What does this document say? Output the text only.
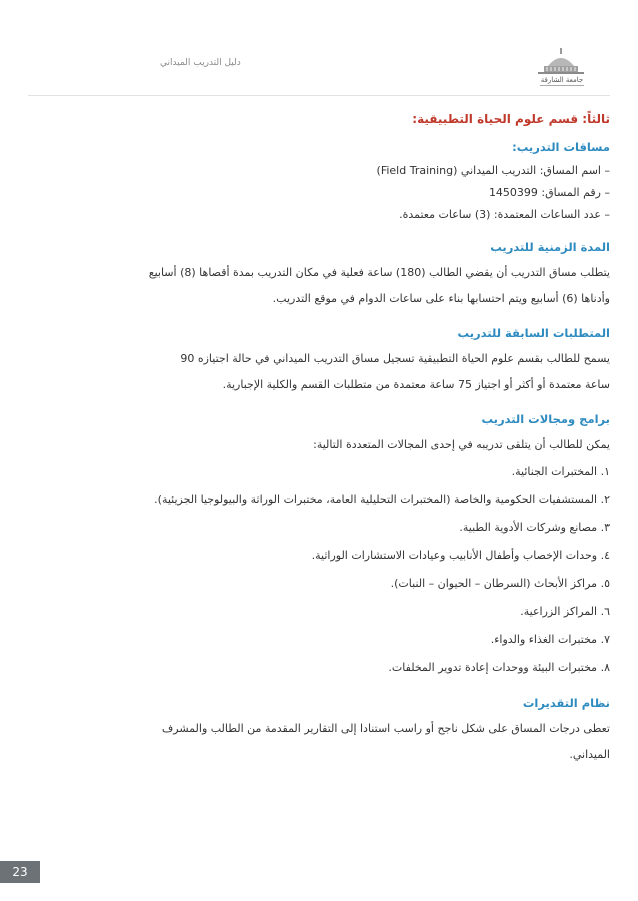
دليل التدريب الميداني
جامعة الشارقة

ثالثاً: قسم علوم الحياة التطبيقية:

مساقات التدريب:

– اسم المساق: التدريب الميداني (Field Training)

– رقم المساق: 1450399

– عدد الساعات المعتمدة: (3) ساعات معتمدة.

المدة الزمنية للتدريب

يتطلب مساق التدريب أن يقضي الطالب (180) ساعة فعلية في مكان التدريب بمدة أقصاها (8) أسابيع

وأدناها (6) أسابيع ويتم احتسابها بناء على ساعات الدوام في موقع التدريب.

المتطلبات السابقة للتدريب

يسمح للطالب بقسم علوم الحياة التطبيقية تسجيل مساق التدريب الميداني في حالة اجتيازه 90

ساعة معتمدة أو أكثر أو اجتياز 75 ساعة معتمدة من متطلبات القسم والكلية الإجبارية.

برامج ومجالات التدريب

يمكن للطالب أن يتلقى تدريبه في إحدى المجالات المتعددة التالية:

١. المختبرات الجنائية.

٢. المستشفيات الحكومية والخاصة (المختبرات التحليلية العامة، مختبرات الوراثة والبيولوجيا الجزيئية).

٣. مصانع وشركات الأدوية الطبية.

٤. وحدات الإخصاب وأطفال الأنابيب وعيادات الاستشارات الوراثية.

٥. مراكز الأبحاث (السرطان – الحيوان – النبات).

٦. المراكز الزراعية.

٧. مختبرات الغذاء والدواء.

٨. مختبرات البيئة ووحدات إعادة تدوير المخلفات.

نظام التقديرات

تعطى درجات المساق على شكل ناجح أو راسب استنادا إلى التقارير المقدمة من الطالب والمشرف

الميداني.

23
